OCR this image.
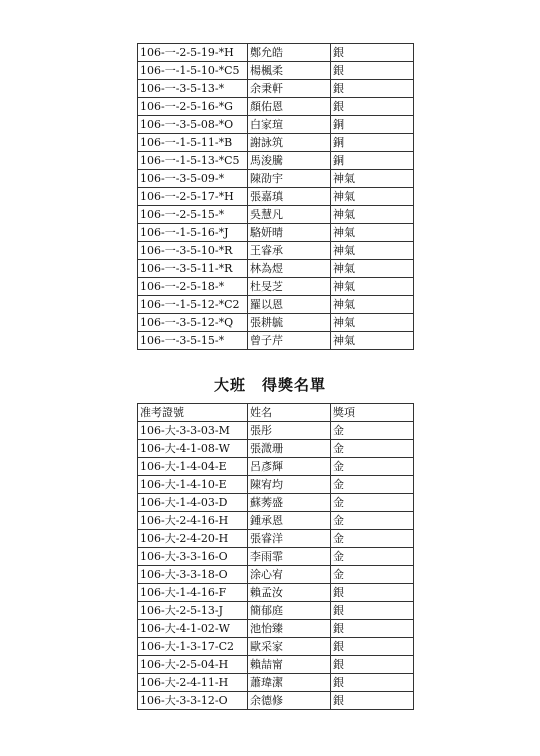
106-一-2-5-19-*H	鄭允皓	銀
106-一-1-5-10-*C5	楊楓柔	銀
106-一-3-5-13-*	余秉軒	銀
106-一-2-5-16-*G	顏佑恩	銀
106-一-3-5-08-*O	白家瑄	銅
106-一-1-5-11-*B	謝詠筑	銅
106-一-1-5-13-*C5	馬浚騰	銅
106-一-3-5-09-*	陳劭宇	神氣
106-一-2-5-17-*H	張嘉瑱	神氣
106-一-2-5-15-*	吳慧凡	神氣
106-一-1-5-16-*J	駱妍晴	神氣
106-一-3-5-10-*R	王睿承	神氣
106-一-3-5-11-*R	林為煜	神氣
106-一-2-5-18-*	杜旻芝	神氣
106-一-1-5-12-*C2	羅以恩	神氣
106-一-3-5-12-*Q	張耕毓	神氣
106-一-3-5-15-*	曾子芹	神氣
大班　得獎名單
准考證號	姓名	獎項
106-大-3-3-03-M	張彤	金
106-大-4-1-08-W	張溦珊	金
106-大-1-4-04-E	呂彥輝	金
106-大-1-4-10-E	陳宥均	金
106-大-1-4-03-D	蘇莠盛	金
106-大-2-4-16-H	鍾承恩	金
106-大-2-4-20-H	張睿洋	金
106-大-3-3-16-O	李雨霏	金
106-大-3-3-18-O	涂心宥	金
106-大-1-4-16-F	賴孟汝	銀
106-大-2-5-13-J	簡郁庭	銀
106-大-4-1-02-W	池怡臻	銀
106-大-1-3-17-C2	歐采家	銀
106-大-2-5-04-H	賴喆甯	銀
106-大-2-4-11-H	蕭瑋潔	銀
106-大-3-3-12-O	余德修	銀
